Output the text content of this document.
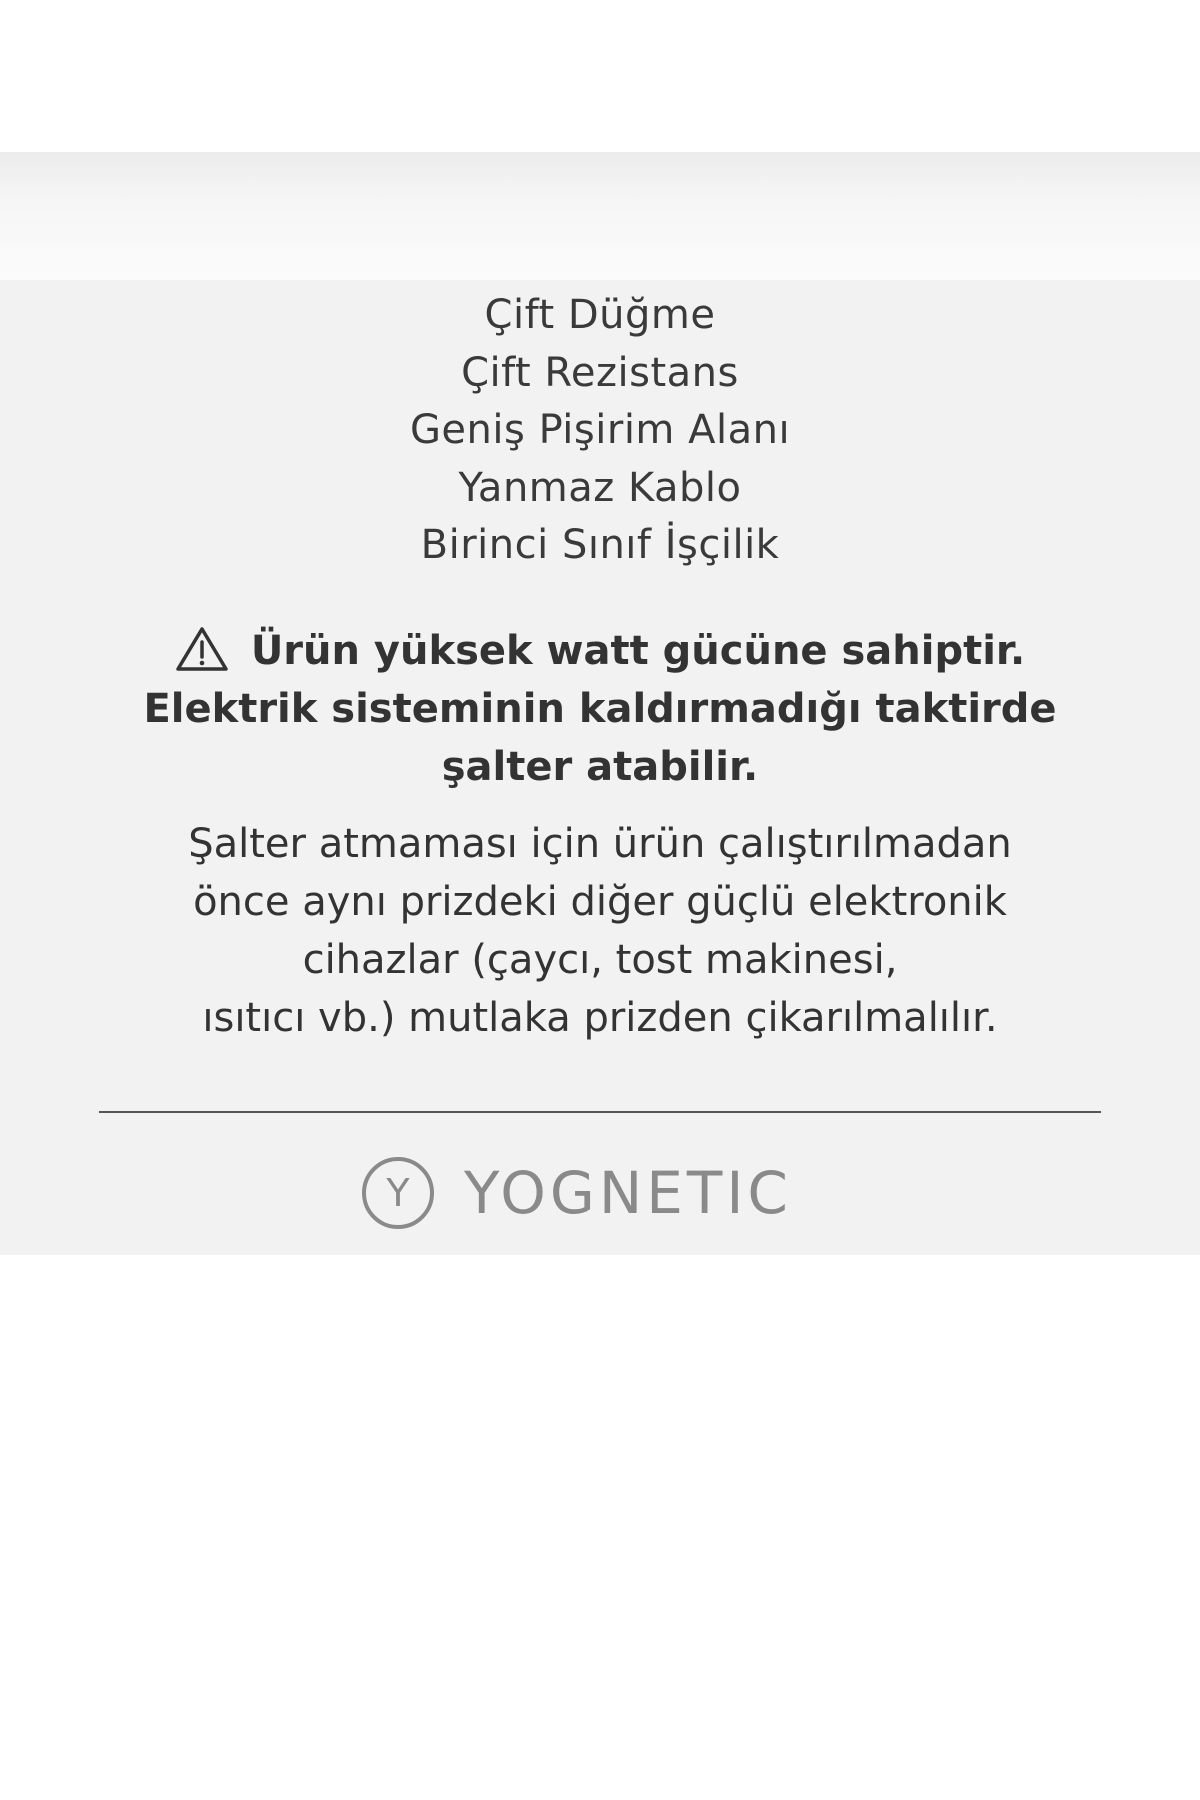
Çift Düğme
Çift Rezistans
Geniş Pişirim Alanı
Yanmaz Kablo
Birinci Sınıf İşçilik
Ürün yüksek watt gücüne sahiptir.
Elektrik sisteminin kaldırmadığı taktirde
şalter atabilir.
Şalter atmaması için ürün çalıştırılmadan
önce aynı prizdeki diğer güçlü elektronik
cihazlar (çaycı, tost makinesi,
ısıtıcı vb.) mutlaka prizden çikarılmalılır.
Y YOGNETIC
